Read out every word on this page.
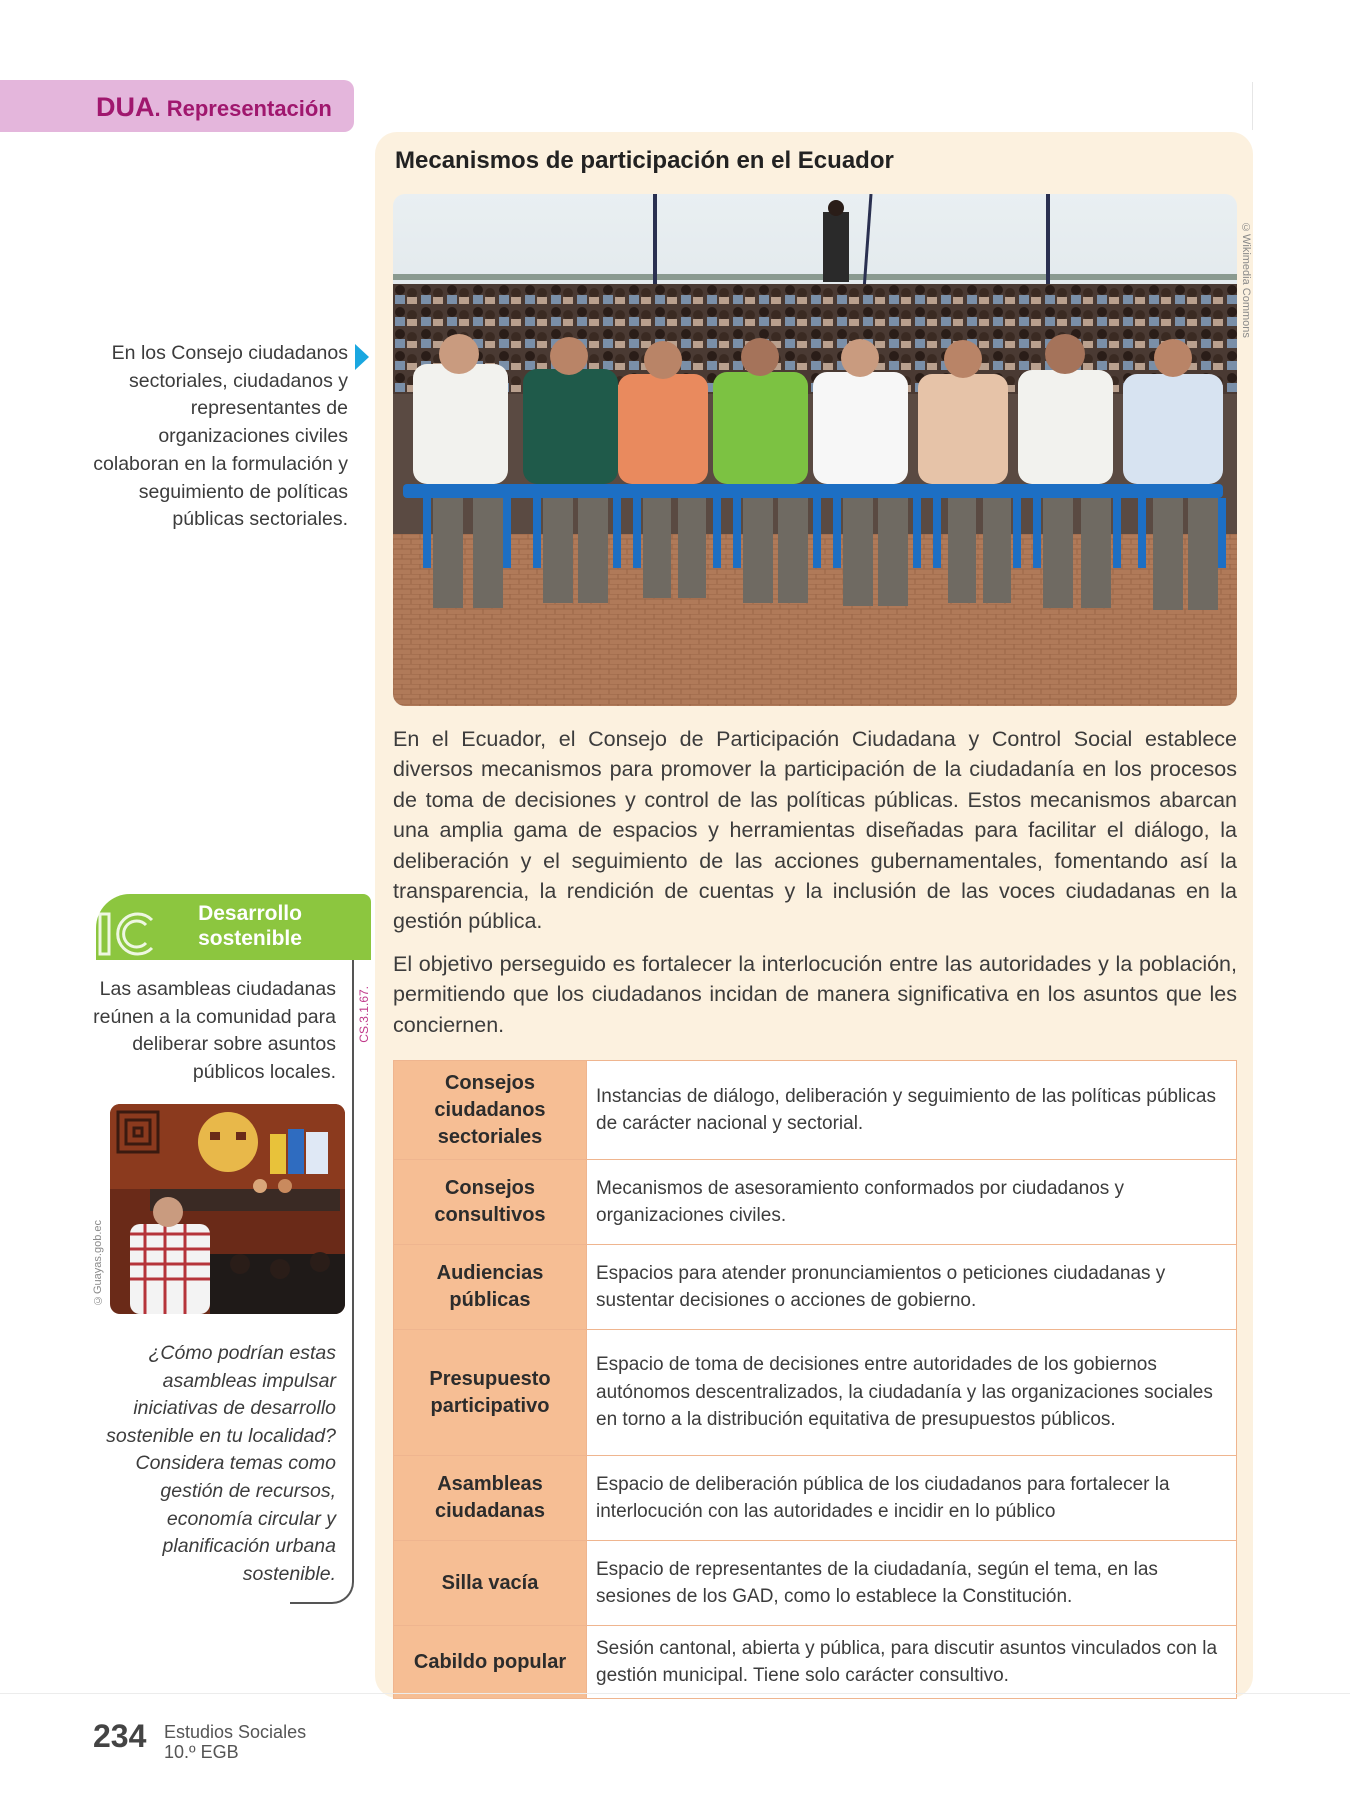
DUA. Representación
En los Consejo ciudadanos sectoriales, ciudadanos y representantes de organizaciones civiles colaboran en la formulación y seguimiento de políticas públicas sectoriales.
Mecanismos de participación en el Ecuador
©Wikimedia Commons

En el Ecuador, el Consejo de Participación Ciudadana y Control Social establece diversos mecanismos para promover la participación de la ciudadanía en los procesos de toma de decisiones y control de las políticas públicas. Estos mecanismos abarcan una amplia gama de espacios y herramientas diseñadas para facilitar el diálogo, la deliberación y el seguimiento de las acciones gubernamentales, fomentando así la transparencia, la rendición de cuentas y la inclusión de las voces ciudadanas en la gestión pública.

El objetivo perseguido es fortalecer la interlocución entre las autoridades y la población, permitiendo que los ciudadanos incidan de manera significativa en los asuntos que les conciernen.

Desarrollo
sostenible
CS.3.1.67.
Las asambleas ciudadanas reúnen a la comunidad para deliberar sobre asuntos públicos locales.
©Guayas.gob.ec
¿Cómo podrían estas asambleas impulsar iniciativas de desarrollo sostenible en tu localidad? Considera temas como gestión de recursos, economía circular y planificación urbana sostenible.
Consejos ciudadanos sectoriales	Instancias de diálogo, deliberación y seguimiento de las políticas públicas de carácter nacional y sectorial.
Consejos consultivos	Mecanismos de asesoramiento conformados por ciudadanos y organizaciones civiles.
Audiencias públicas	Espacios para atender pronunciamientos o peticiones ciudadanas y sustentar decisiones o acciones de gobierno.
Presupuesto participativo	Espacio de toma de decisiones entre autoridades de los gobiernos autónomos descentralizados, la ciudadanía y las organizaciones sociales en torno a la distribución equitativa de presupuestos públicos.
Asambleas ciudadanas	Espacio de deliberación pública de los ciudadanos para fortalecer la interlocución con las autoridades e incidir en lo público
Silla vacía	Espacio de representantes de la ciudadanía, según el tema, en las sesiones de los GAD, como lo establece la Constitución.
Cabildo popular	Sesión cantonal, abierta y pública, para discutir asuntos vinculados con la gestión municipal. Tiene solo carácter consultivo.
234 Estudios Sociales
10.º EGB
